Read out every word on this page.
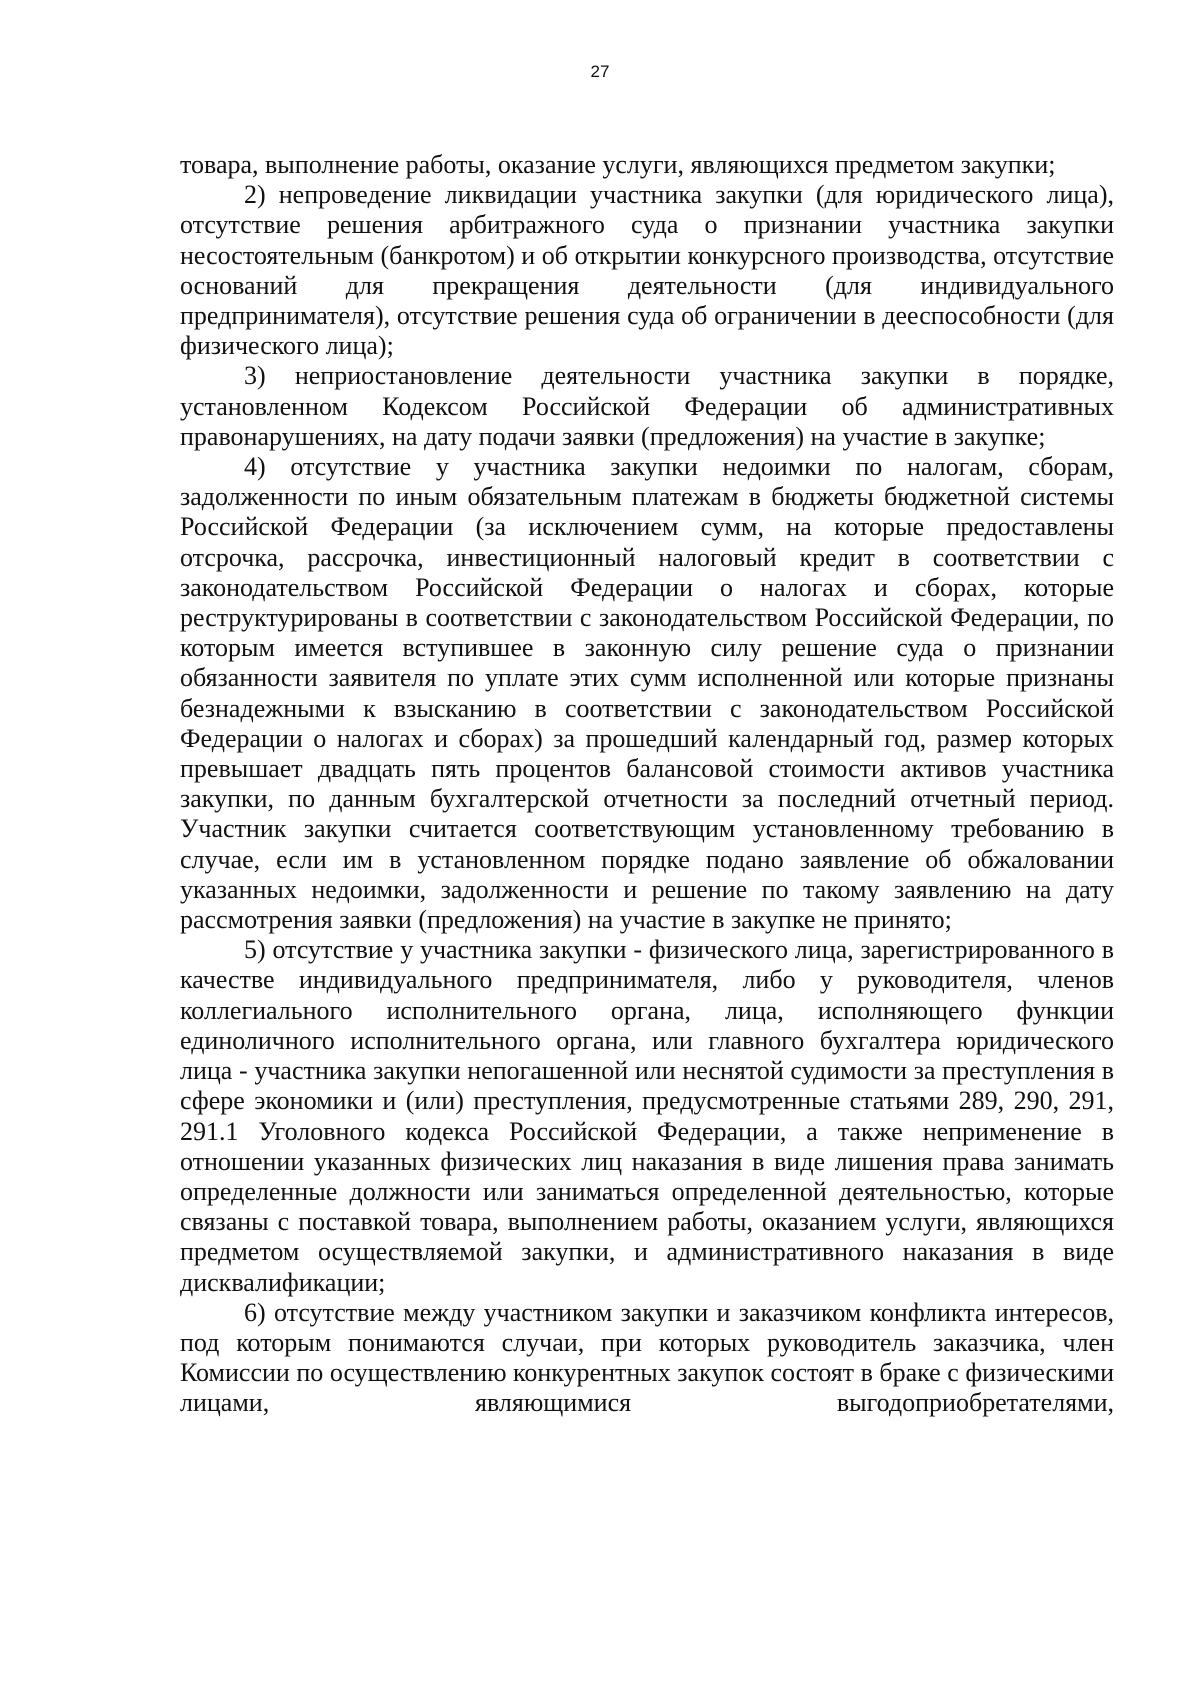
27

товара, выполнение работы, оказание услуги, являющихся предметом закупки;

2) непроведение ликвидации участника закупки (для юридического лица), отсутствие решения арбитражного суда о признании участника закупки несостоятельным (банкротом) и об открытии конкурсного производства, отсутствие оснований для прекращения деятельности (для индивидуального предпринимателя), отсутствие решения суда об ограничении в дееспособности (для физического лица);

3) неприостановление деятельности участника закупки в порядке, установленном Кодексом Российской Федерации об административных правонарушениях, на дату подачи заявки (предложения) на участие в закупке;

4) отсутствие у участника закупки недоимки по налогам, сборам, задолженности по иным обязательным платежам в бюджеты бюджетной системы Российской Федерации (за исключением сумм, на которые предоставлены отсрочка, рассрочка, инвестиционный налоговый кредит в соответствии с законодательством Российской Федерации о налогах и сборах, которые реструктурированы в соответствии с законодательством Российской Федерации, по которым имеется вступившее в законную силу решение суда о признании обязанности заявителя по уплате этих сумм исполненной или которые признаны безнадежными к взысканию в соответствии с законодательством Российской Федерации о налогах и сборах) за прошедший календарный год, размер которых превышает двадцать пять процентов балансовой стоимости активов участника закупки, по данным бухгалтерской отчетности за последний отчетный период. Участник закупки считается соответствующим установленному требованию в случае, если им в установленном порядке подано заявление об обжаловании указанных недоимки, задолженности и решение по такому заявлению на дату рассмотрения заявки (предложения) на участие в закупке не принято;

5) отсутствие у участника закупки - физического лица, зарегистрированного в качестве индивидуального предпринимателя, либо у руководителя, членов коллегиального исполнительного органа, лица, исполняющего функции единоличного исполнительного органа, или главного бухгалтера юридического лица - участника закупки непогашенной или неснятой судимости за преступления в сфере экономики и (или) преступления, предусмотренные статьями 289, 290, 291, 291.1 Уголовного кодекса Российской Федерации, а также неприменение в отношении указанных физических лиц наказания в виде лишения права занимать определенные должности или заниматься определенной деятельностью, которые связаны с поставкой товара, выполнением работы, оказанием услуги, являющихся предметом осуществляемой закупки, и административного наказания в виде дисквалификации;

6) отсутствие между участником закупки и заказчиком конфликта интересов, под которым понимаются случаи, при которых руководитель заказчика, член Комиссии по осуществлению конкурентных закупок состоят в браке с физическими лицами, являющимися выгодоприобретателями,
